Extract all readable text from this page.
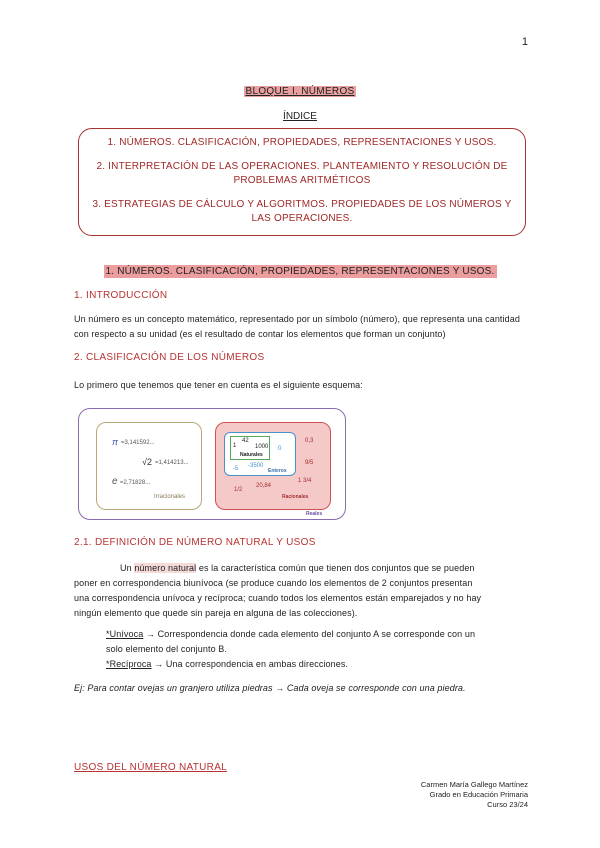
1
BLOQUE I. NÚMEROS
ÍNDICE
1. NÚMEROS. CLASIFICACIÓN, PROPIEDADES, REPRESENTACIONES Y USOS.
2. INTERPRETACIÓN DE LAS OPERACIONES. PLANTEAMIENTO Y RESOLUCIÓN DE PROBLEMAS ARITMÉTICOS
3. ESTRATEGIAS DE CÁLCULO Y ALGORITMOS. PROPIEDADES DE LOS NÚMEROS Y LAS OPERACIONES.
1. NÚMEROS. CLASIFICACIÓN, PROPIEDADES, REPRESENTACIONES Y USOS.
1. INTRODUCCIÓN
Un número es un concepto matemático, representado por un símbolo (número), que representa una cantidad con respecto a su unidad (es el resultado de contar los elementos que forman un conjunto)
2. CLASIFICACIÓN DE LOS NÚMEROS
Lo primero que tenemos que tener en cuenta es el siguiente esquema:
π =3,141592...
√2 =1,414213...
e =2,71828...
Irracionales
1
42
1000
Naturales
0
-5 -3500
Enteros
0,3
9/5
1 3/4
1/2
20,84
Racionales
Reales
2.1. DEFINICIÓN DE NÚMERO NATURAL Y USOS
Un número natural es la característica común que tienen dos conjuntos que se pueden
poner en correspondencia biunívoca (se produce cuando los elementos de 2 conjuntos presentan
una correspondencia unívoca y recíproca; cuando todos los elementos están emparejados y no hay
ningún elemento que quede sin pareja en alguna de las colecciones).
*Unívoca → Correspondencia donde cada elemento del conjunto A se corresponde con un
solo elemento del conjunto B.
*Recíproca → Una correspondencia en ambas direcciones.
Ej: Para contar ovejas un granjero utiliza piedras → Cada oveja se corresponde con una piedra.
USOS DEL NÚMERO NATURAL
Carmen María Gallego Martínez
Grado en Educación Primaria
Curso 23/24
